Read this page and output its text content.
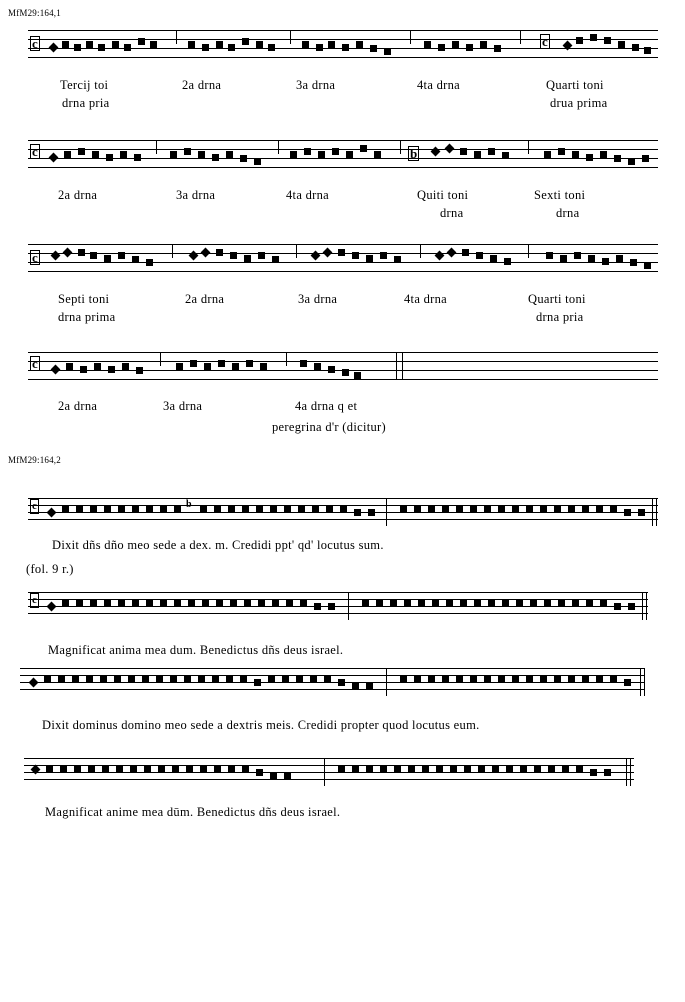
MfM29:164,1
MfM29:164,2
c	c
Tercij toi
drna pria
2a drna	3a drna	4ta drna	Quarti toni
drua prima
c	b
2a drna	3a drna	4ta drna	Quiti toni
drna
Sexti toni
drna
c
Septi toni
drna prima
2a drna	3a drna	4ta drna	Quarti toni
drna pria
c
2a drna	3a drna	4a drna q et
peregrina d'r (dicitur)
c	b
Dixit dñs dño meo sede a dex. m. Credidi ppt' qd' locutus sum.
(fol. 9 r.)
c
Magnificat anima mea dum. Benedictus dñs deus israel.
Dixit dominus domino meo sede a dextris meis. Credidi propter quod locutus eum.
Magnificat anime mea dūm. Benedictus dñs deus israel.
